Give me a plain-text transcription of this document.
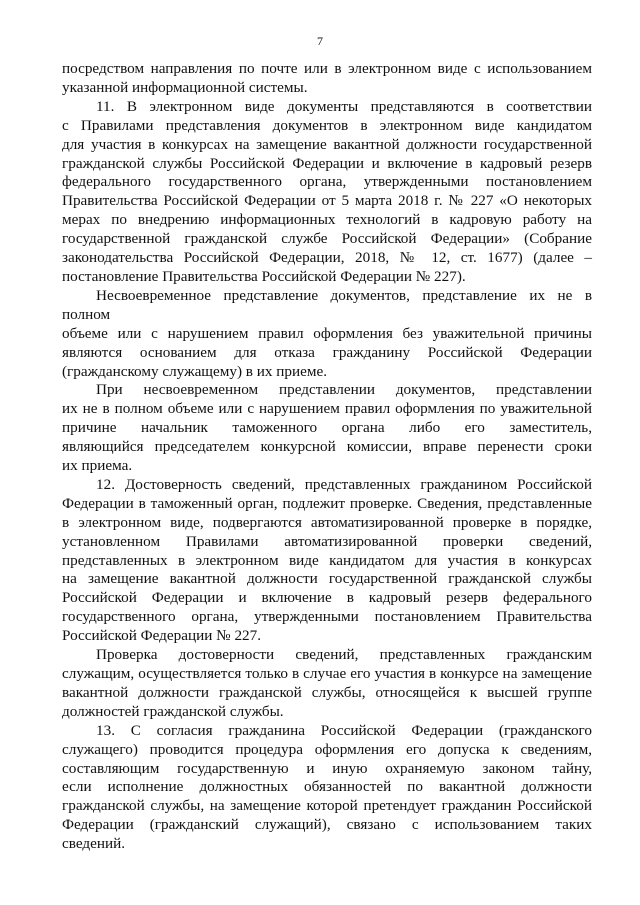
7
посредством направления по почте или в электронном виде с использованием
указанной информационной системы.
11. В электронном виде документы представляются в соответствии
с Правилами представления документов в электронном виде кандидатом
для участия в конкурсах на замещение вакантной должности государственной
гражданской службы Российской Федерации и включение в кадровый резерв
федерального государственного органа, утвержденными постановлением
Правительства Российской Федерации от 5 марта 2018 г. № 227 «О некоторых
мерах по внедрению информационных технологий в кадровую работу на
государственной гражданской службе Российской Федерации» (Собрание
законодательства Российской Федерации, 2018, № 12, ст. 1677) (далее –
постановление Правительства Российской Федерации № 227).
Несвоевременное представление документов, представление их не в полном
объеме или с нарушением правил оформления без уважительной причины
являются основанием для отказа гражданину Российской Федерации
(гражданскому служащему) в их приеме.
При несвоевременном представлении документов, представлении
их не в полном объеме или с нарушением правил оформления по уважительной
причине начальник таможенного органа либо его заместитель,
являющийся председателем конкурсной комиссии, вправе перенести сроки
их приема.
12. Достоверность сведений, представленных гражданином Российской
Федерации в таможенный орган, подлежит проверке. Сведения, представленные
в электронном виде, подвергаются автоматизированной проверке в порядке,
установленном Правилами автоматизированной проверки сведений,
представленных в электронном виде кандидатом для участия в конкурсах
на замещение вакантной должности государственной гражданской службы
Российской Федерации и включение в кадровый резерв федерального
государственного органа, утвержденными постановлением Правительства
Российской Федерации № 227.
Проверка достоверности сведений, представленных гражданским
служащим, осуществляется только в случае его участия в конкурсе на замещение
вакантной должности гражданской службы, относящейся к высшей группе
должностей гражданской службы.
13. С согласия гражданина Российской Федерации (гражданского
служащего) проводится процедура оформления его допуска к сведениям,
составляющим государственную и иную охраняемую законом тайну,
если исполнение должностных обязанностей по вакантной должности
гражданской службы, на замещение которой претендует гражданин Российской
Федерации (гражданский служащий), связано с использованием таких
сведений.
